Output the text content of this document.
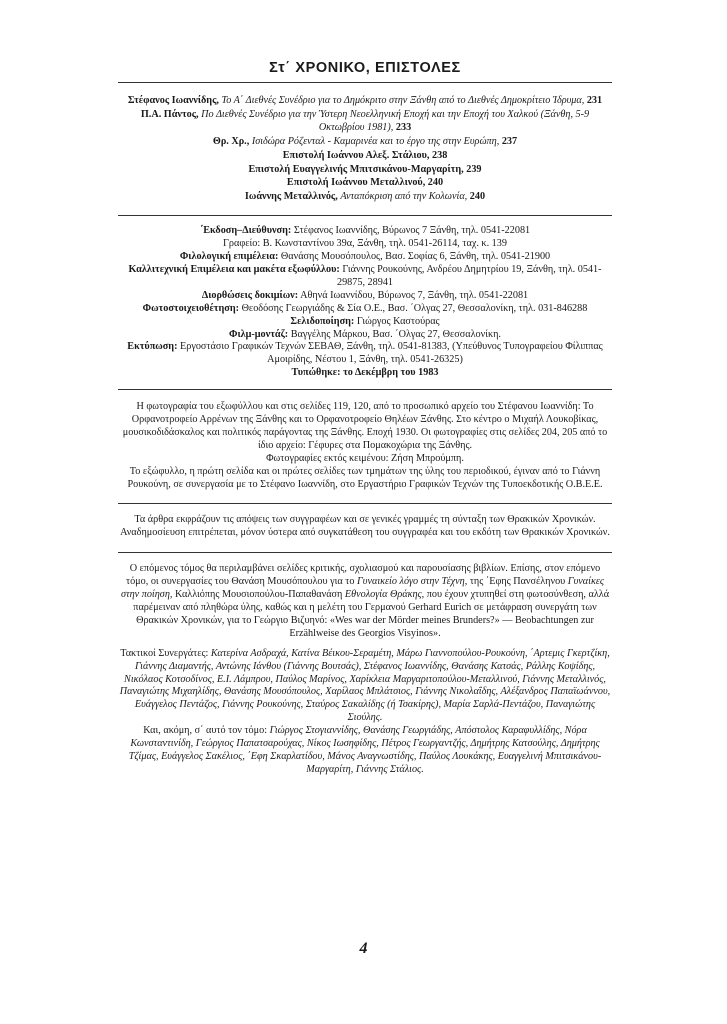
Στ΄ ΧΡΟΝΙΚΟ, ΕΠΙΣΤΟΛΕΣ

Στέφανος Ιωαννίδης, Το Α΄ Διεθνές Συνέδριο για το Δημόκριτο στην Ξάνθη από το Διεθνές Δημοκρίτειο Ίδρυμα, 231

Π.Α. Πάντος, Πο Διεθνές Συνέδριο για την Ύστερη Νεοελληνική Εποχή και την Εποχή του Χαλκού (Ξάνθη, 5-9 Οκτωβρίου 1981), 233

Θρ. Χρ., Ισιδώρα Ρόζενταλ - Καμαρινέα και το έργο της στην Ευρώπη, 237

Επιστολή Ιωάννου Αλεξ. Στάλιου, 238

Επιστολή Ευαγγελινής Μπιτσικάνου-Μαργαρίτη, 239

Επιστολή Ιωάννου Μεταλλινού, 240

Ιωάννης Μεταλλινός, Ανταπόκριση από την Κολωνία, 240

΄Εκδοση–Διεύθυνση: Στέφανος Ιωαννίδης, Βύρωνος 7 Ξάνθη, τηλ. 0541-22081

Γραφείο: Β. Κωνσταντίνου 39α, Ξάνθη, τηλ. 0541-26114, ταχ. κ. 139

Φιλολογική επιμέλεια: Θανάσης Μουσόπουλος, Βασ. Σοφίας 6, Ξάνθη, τηλ. 0541-21900

Καλλιτεχνική Επιμέλεια και μακέτα εξωφύλλου: Γιάννης Ρουκούνης, Ανδρέου Δημητρίου 19, Ξάνθη, τηλ. 0541-29875, 28941

Διορθώσεις δοκιμίων: Αθηνά Ιωαννίδου, Βύρωνος 7, Ξάνθη, τηλ. 0541-22081

Φωτοστοιχειοθέτηση: Θεοδόσης Γεωργιάδης & Σία Ο.Ε., Βασ. ΄Ολγας 27, Θεσσαλονίκη, τηλ. 031-846288

Σελιδοποίηση: Γιώργος Καστούρας

Φιλμ-μοντάζ: Βαγγέλης Μάρκου, Βασ. ΄Ολγας 27, Θεσσαλονίκη.

Εκτύπωση: Εργοστάσιο Γραφικών Τεχνών ΣΕΒΑΘ, Ξάνθη, τηλ. 0541-81383, (Υπεύθυνος Τυπογραφείου Φίλιππας Αμοιρίδης, Νέστου 1, Ξάνθη, τηλ. 0541-26325)

Τυπώθηκε: το Δεκέμβρη του 1983

Η φωτογραφία του εξωφύλλου και στις σελίδες 119, 120, από το προσωπικό αρχείο του Στέφανου Ιωαννίδη: Το Ορφανοτροφείο Αρρένων της Ξάνθης και το Ορφανοτροφείο Θηλέων Ξάνθης. Στο κέντρο ο Μιχαήλ Λουκοβίκας, μουσικοδιδάσκαλος και πολιτικός παράγοντας της Ξάνθης. Εποχή 1930. Οι φωτογραφίες στις σελίδες 204, 205 από το ίδιο αρχείο: Γέφυρες στα Πομακοχώρια της Ξάνθης.

Φωτογραφίες εκτός κειμένου: Ζήση Μπρούμπη.

Το εξώφυλλο, η πρώτη σελίδα και οι πρώτες σελίδες των τμημάτων της ύλης του περιοδικού, έγιναν από το Γιάννη Ρουκούνη, σε συνεργασία με το Στέφανο Ιωαννίδη, στο Εργαστήριο Γραφικών Τεχνών της Τυποεκδοτικής Ο.Β.Ε.Ε.

Τα άρθρα εκφράζουν τις απόψεις των συγγραφέων και σε γενικές γραμμές τη σύνταξη των Θρακικών Χρονικών. Αναδημοσίευση επιτρέπεται, μόνον ύστερα από συγκατάθεση του συγγραφέα και του εκδότη των Θρακικών Χρονικών.

Ο επόμενος τόμος θα περιλαμβάνει σελίδες κριτικής, σχολιασμού και παρουσίασης βιβλίων. Επίσης, στον επόμενο τόμο, οι συνεργασίες του Θανάση Μουσόπουλου για το Γυναικείο λόγο στην Τέχνη, της ΄Εφης Πανσέληνου Γυναίκες στην ποίηση, Καλλιόπης Μουσιοπούλου-Παπαθανάση Εθνολογία Θράκης, που έχουν χτυπηθεί στη φωτοσύνθεση, αλλά παρέμειναν από πληθώρα ύλης, καθώς και η μελέτη του Γερμανού Gerhard Eurich σε μετάφραση συνεργάτη των Θρακικών Χρονικών, για το Γεώργιο Βιζυηνό: «Wes war der Mörder meines Brunders?» — Beobachtungen zur Erzählweise des Georgios Visyinos».

Τακτικοί Συνεργάτες: Κατερίνα Ασδραχά, Κατίνα Βέικου-Σεραμέτη, Μάρω Γιαννοπούλου-Ρουκούνη, ΄Αρτεμις Γκερτζίκη, Γιάννης Διαμαντής, Αντώνης Ιάνθου (Γιάννης Βουτσάς), Στέφανος Ιωαννίδης, Θανάσης Κατσάς, Ράλλης Κοψίδης, Νικόλαος Κοτσοδίνος, Ε.Ι. Λάμπρου, Παύλος Μαρίνος, Χαρίκλεια Μαργαριτοπούλου-Μεταλλινού, Γιάννης Μεταλλινός, Παναγιώτης Μιχαηλίδης, Θανάσης Μουσόπουλος, Χαρίλαος Μπλάτσιος, Γιάννης Νικολαΐδης, Αλέξανδρος Παπαϊωάννου, Ευάγγελος Πεντάζος, Γιάννης Ρουκούνης, Σταύρος Σακαλίδης (ή Τσακίρης), Μαρία Σαρλά-Πεντάζου, Παναγιώτης Σιούλης.

Και, ακόμη, σ΄ αυτό τον τόμο: Γιώργος Στογιαννίδης, Θανάσης Γεωργιάδης, Απόστολος Καραφυλλίδης, Νόρα Κωνσταντινίδη, Γεώργιος Παπατσαρούχας, Νίκος Ιωσηφίδης, Πέτρος Γεωργαντζής, Δημήτρης Κατσούλης, Δημήτρης Τζίμας, Ευάγγελος Σακέλιος, ΄Εφη Σκαρλατίδου, Μάνος Αναγνωστίδης, Παύλος Λουκάκης, Ευαγγελινή Μπιτσικάνου-Μαργαρίτη, Γιάννης Στάλιος.

4
